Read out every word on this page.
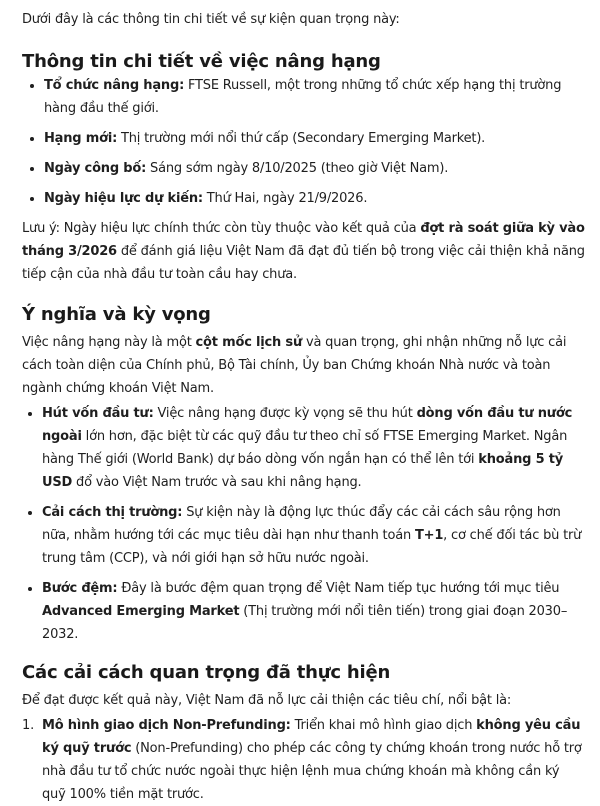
Dưới đây là các thông tin chi tiết về sự kiện quan trọng này:

Thông tin chi tiết về việc nâng hạng
Tổ chức nâng hạng: FTSE Russell, một trong những tổ chức xếp hạng thị trường hàng đầu thế giới.
Hạng mới: Thị trường mới nổi thứ cấp (Secondary Emerging Market).
Ngày công bố: Sáng sớm ngày 8/10/2025 (theo giờ Việt Nam).
Ngày hiệu lực dự kiến: Thứ Hai, ngày 21/9/2026.

Lưu ý: Ngày hiệu lực chính thức còn tùy thuộc vào kết quả của đợt rà soát giữa kỳ vào tháng 3/2026 để đánh giá liệu Việt Nam đã đạt đủ tiến bộ trong việc cải thiện khả năng tiếp cận của nhà đầu tư toàn cầu hay chưa.

Ý nghĩa và kỳ vọng

Việc nâng hạng này là một cột mốc lịch sử và quan trọng, ghi nhận những nỗ lực cải cách toàn diện của Chính phủ, Bộ Tài chính, Ủy ban Chứng khoán Nhà nước và toàn ngành chứng khoán Việt Nam.

Hút vốn đầu tư: Việc nâng hạng được kỳ vọng sẽ thu hút dòng vốn đầu tư nước ngoài lớn hơn, đặc biệt từ các quỹ đầu tư theo chỉ số FTSE Emerging Market. Ngân hàng Thế giới (World Bank) dự báo dòng vốn ngắn hạn có thể lên tới khoảng 5 tỷ USD đổ vào Việt Nam trước và sau khi nâng hạng.
Cải cách thị trường: Sự kiện này là động lực thúc đẩy các cải cách sâu rộng hơn nữa, nhằm hướng tới các mục tiêu dài hạn như thanh toán T+1, cơ chế đối tác bù trừ trung tâm (CCP), và nới giới hạn sở hữu nước ngoài.
Bước đệm: Đây là bước đệm quan trọng để Việt Nam tiếp tục hướng tới mục tiêu Advanced Emerging Market (Thị trường mới nổi tiên tiến) trong giai đoạn 2030–2032.
Các cải cách quan trọng đã thực hiện

Để đạt được kết quả này, Việt Nam đã nỗ lực cải thiện các tiêu chí, nổi bật là:

1. Mô hình giao dịch Non-Prefunding: Triển khai mô hình giao dịch không yêu cầu ký quỹ trước (Non-Prefunding) cho phép các công ty chứng khoán trong nước hỗ trợ nhà đầu tư tổ chức nước ngoài thực hiện lệnh mua chứng khoán mà không cần ký quỹ 100% tiền mặt trước.
